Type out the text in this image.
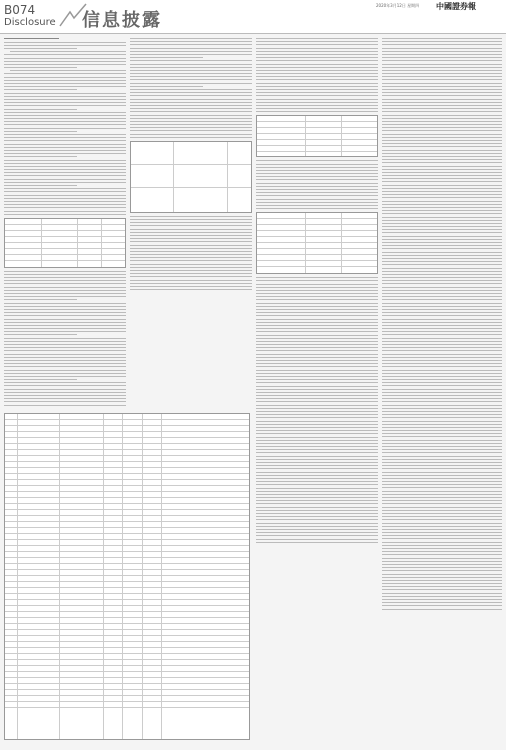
B074
Disclosure 信息披露
2020年3月12日 星期四 中國證券報
